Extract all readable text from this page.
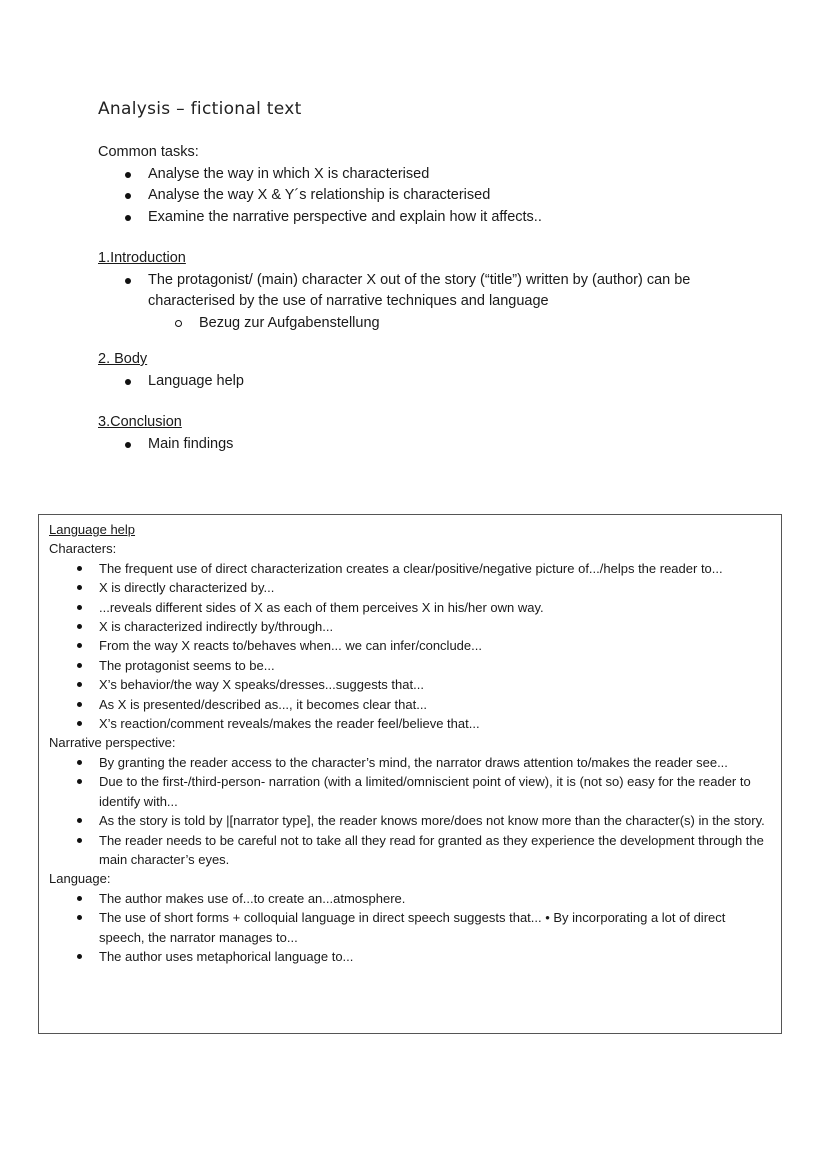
Analysis – fictional text
Common tasks:
Analyse the way in which X is characterised
Analyse the way X & Y´s relationship is characterised
Examine the narrative perspective and explain how it affects..
1.Introduction
The protagonist/ (main) character X out of the story (“title”) written by (author) can be characterised by the use of narrative techniques and language
Bezug zur Aufgabenstellung
2. Body
Language help
3.Conclusion
Main findings
Language help
Characters:
The frequent use of direct characterization creates a clear/positive/negative picture of.../helps the reader to...
X is directly characterized by...
...reveals different sides of X as each of them perceives X in his/her own way.
X is characterized indirectly by/through...
From the way X reacts to/behaves when... we can infer/conclude...
The protagonist seems to be...
X’s behavior/the way X speaks/dresses...suggests that...
As X is presented/described as..., it becomes clear that...
X’s reaction/comment reveals/makes the reader feel/believe that...
Narrative perspective:
By granting the reader access to the character’s mind, the narrator draws attention to/makes the reader see...
Due to the first-/third-person- narration (with a limited/omniscient point of view), it is (not so) easy for the reader to identify with...
As the story is told by |[narrator type], the reader knows more/does not know more than the character(s) in the story.
The reader needs to be careful not to take all they read for granted as they experience the development through the main character’s eyes.
Language:
The author makes use of...to create an...atmosphere.
The use of short forms + colloquial language in direct speech suggests that... • By incorporating a lot of direct speech, the narrator manages to...
The author uses metaphorical language to...
